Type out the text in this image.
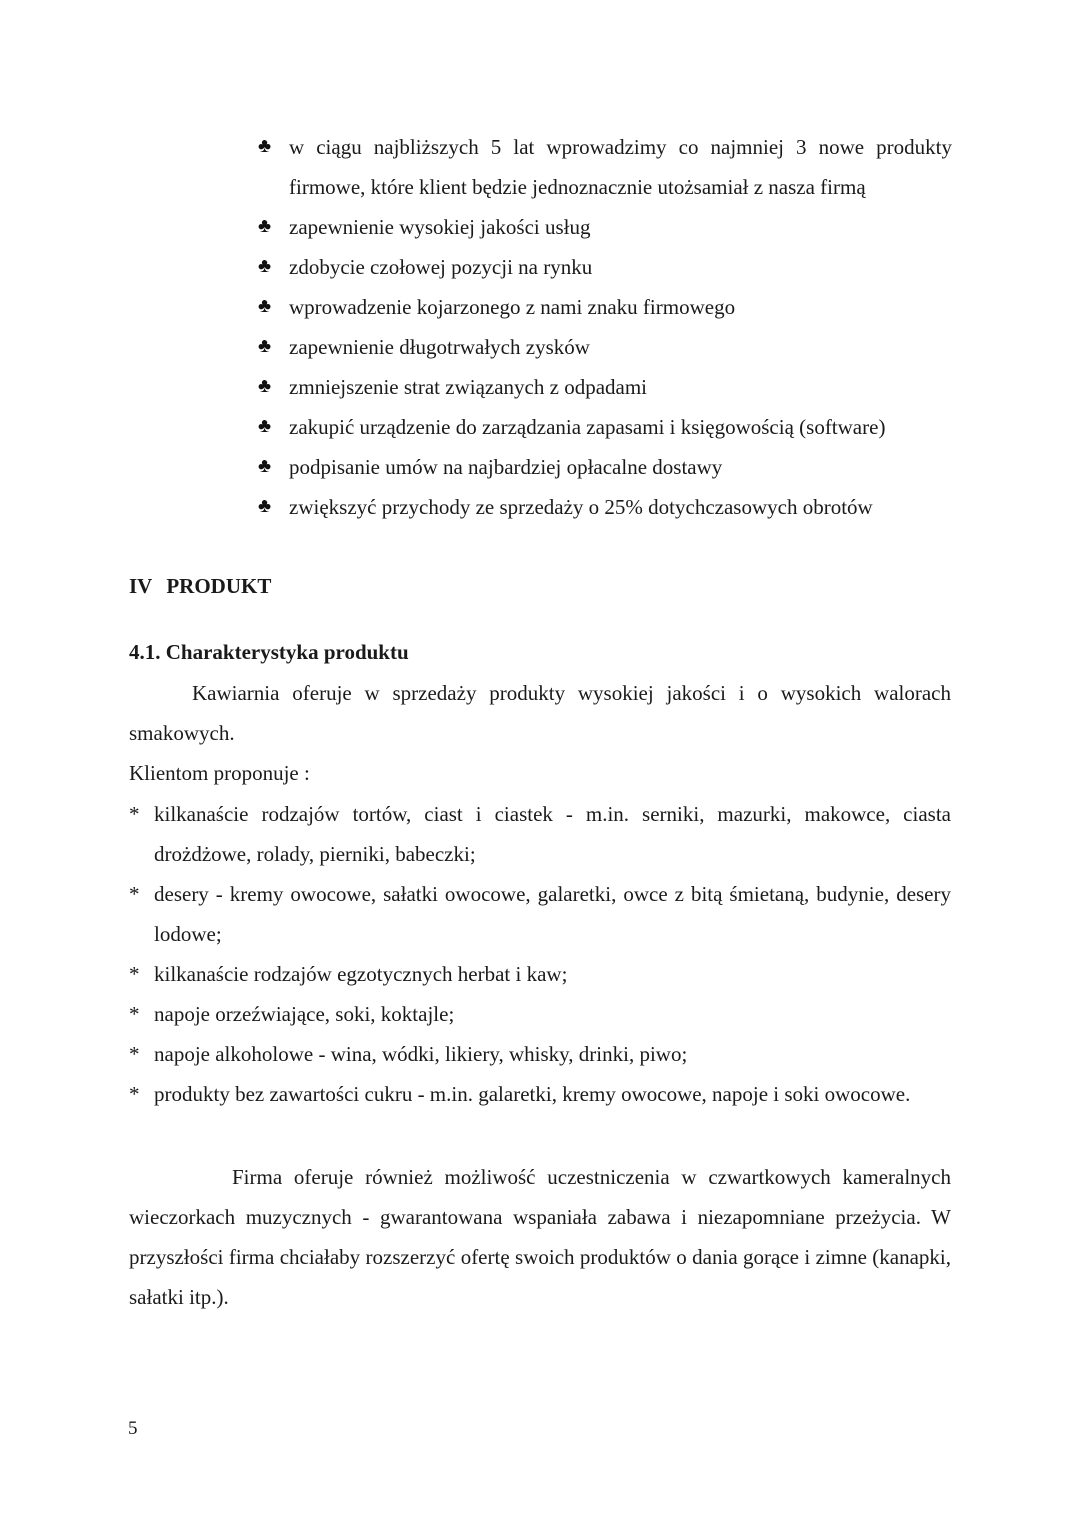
♣ w ciągu najbliższych 5 lat wprowadzimy co najmniej 3 nowe produkty firmowe, które klient będzie jednoznacznie utożsamiał z nasza firmą
♣ zapewnienie wysokiej jakości usług
♣ zdobycie czołowej pozycji na rynku
♣ wprowadzenie kojarzonego z nami znaku firmowego
♣ zapewnienie długotrwałych zysków
♣ zmniejszenie strat związanych z odpadami
♣ zakupić urządzenie do zarządzania zapasami i księgowością (software)
♣ podpisanie umów na najbardziej opłacalne dostawy
♣ zwiększyć przychody ze sprzedaży o 25% dotychczasowych obrotów
IV PRODUKT
4.1. Charakterystyka produktu

Kawiarnia oferuje w sprzedaży produkty wysokiej jakości i o wysokich walorach smakowych.

Klientom proponuje :

* kilkanaście rodzajów tortów, ciast i ciastek - m.in. serniki, mazurki, makowce, ciasta drożdżowe, rolady, pierniki, babeczki;
* desery - kremy owocowe, sałatki owocowe, galaretki, owce z bitą śmietaną, budynie, desery lodowe;
* kilkanaście rodzajów egzotycznych herbat i kaw;
* napoje orzeźwiające, soki, koktajle;
* napoje alkoholowe - wina, wódki, likiery, whisky, drinki, piwo;
* produkty bez zawartości cukru - m.in. galaretki, kremy owocowe, napoje i soki owocowe.

Firma oferuje również możliwość uczestniczenia w czwartkowych kameralnych wieczorkach muzycznych - gwarantowana wspaniała zabawa i niezapomniane przeżycia. W przyszłości firma chciałaby rozszerzyć ofertę swoich produktów o dania gorące i zimne (kanapki, sałatki itp.).

5
